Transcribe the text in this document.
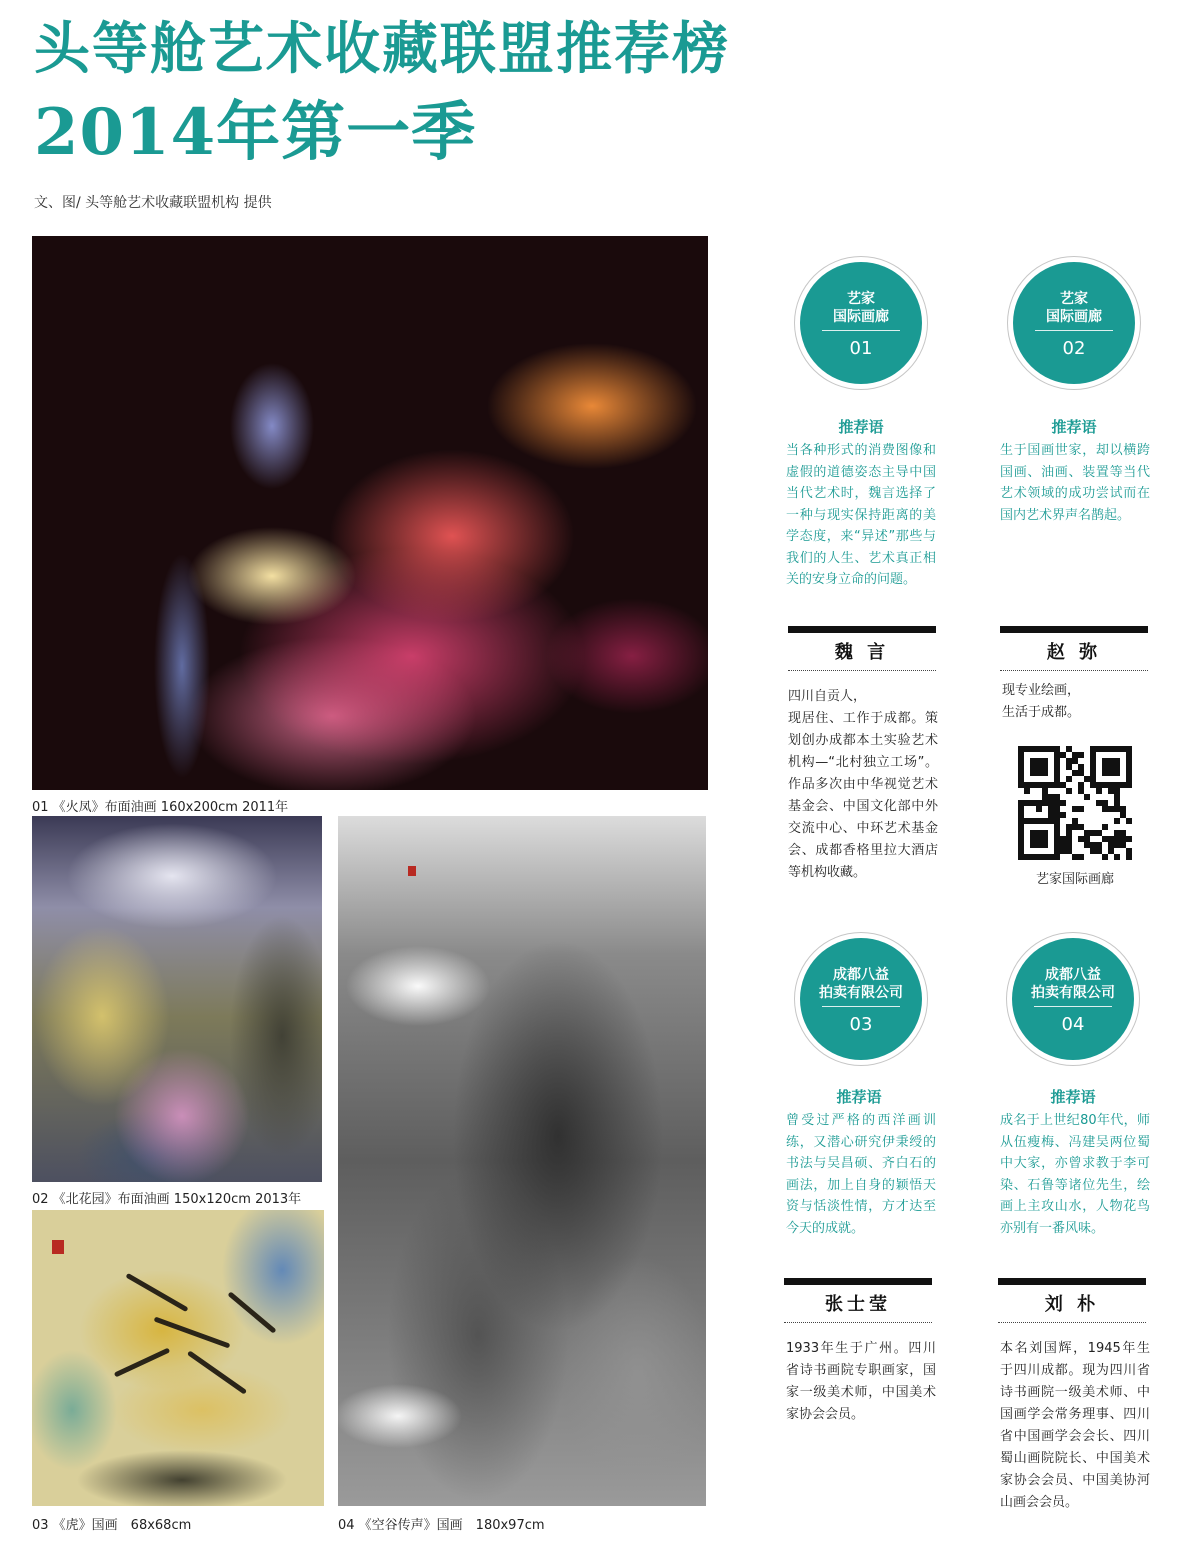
头等舱艺术收藏联盟推荐榜
2014年第一季
文、图/ 头等舱艺术收藏联盟机构 提供
01 《火凤》布面油画 160x200cm 2011年
02 《北花园》布面油画 150x120cm 2013年
03 《虎》国画　68x68cm	04 《空谷传声》国画　180x97cm
艺家
国际画廊
01
推荐语
当各种形式的消费图像和虚假的道德姿态主导中国当代艺术时，魏言选择了一种与现实保持距离的美学态度，来“异述”那些与我们的人生、艺术真正相关的安身立命的问题。
魏 言
四川自贡人，
现居住、工作于成都。策划创办成都本土实验艺术机构—“北村独立工场”。作品多次由中华视觉艺术基金会、中国文化部中外交流中心、中环艺术基金会、成都香格里拉大酒店等机构收藏。
艺家
国际画廊
02
推荐语
生于国画世家，却以横跨国画、油画、装置等当代艺术领域的成功尝试而在国内艺术界声名鹊起。
赵 弥
现专业绘画，
生活于成都。
艺家国际画廊
成都八益
拍卖有限公司
03
推荐语
曾受过严格的西洋画训练，又潜心研究伊秉绶的书法与吴昌硕、齐白石的画法，加上自身的颖悟天资与恬淡性情，方才达至今天的成就。
张士莹
1933年生于广州。四川省诗书画院专职画家，国家一级美术师，中国美术家协会会员。
成都八益
拍卖有限公司
04
推荐语
成名于上世纪80年代，师从伍瘦梅、冯建吴两位蜀中大家，亦曾求教于李可染、石鲁等诸位先生，绘画上主攻山水，人物花鸟亦别有一番风味。
刘 朴
本名刘国辉，1945年生于四川成都。现为四川省诗书画院一级美术师、中国画学会常务理事、四川省中国画学会会长、四川蜀山画院院长、中国美术家协会会员、中国美协河山画会会员。
